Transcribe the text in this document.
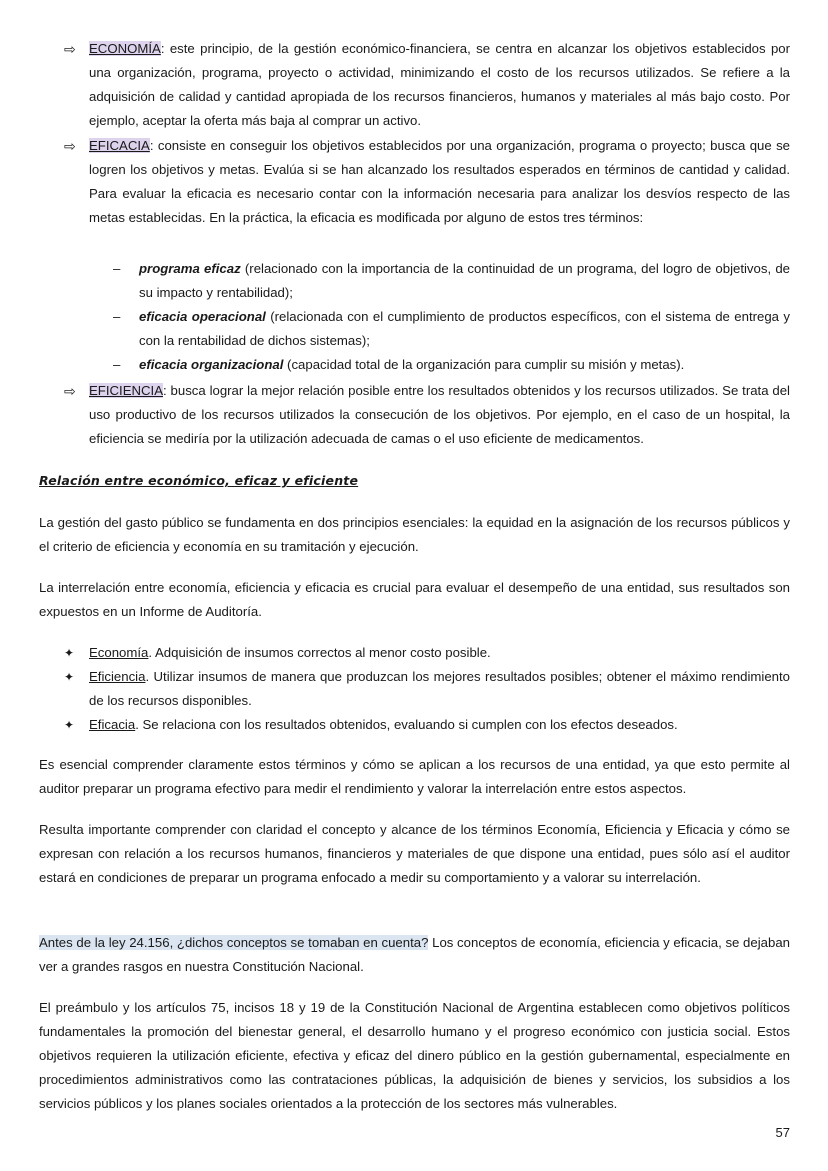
⇨	ECONOMÍA: este principio, de la gestión económico-financiera, se centra en alcanzar los objetivos establecidos por una organización, programa, proyecto o actividad, minimizando el costo de los recursos utilizados. Se refiere a la adquisición de calidad y cantidad apropiada de los recursos financieros, humanos y materiales al más bajo costo. Por ejemplo, aceptar la oferta más baja al comprar un activo.

⇨	EFICACIA: consiste en conseguir los objetivos establecidos por una organización, programa o proyecto; busca que se logren los objetivos y metas. Evalúa si se han alcanzado los resultados esperados en términos de cantidad y calidad. Para evaluar la eficacia es necesario contar con la información necesaria para analizar los desvíos respecto de las metas establecidas. En la práctica, la eficacia es modificada por alguno de estos tres términos:

– programa eficaz (relacionado con la importancia de la continuidad de un programa, del logro de objetivos, de su impacto y rentabilidad);

– eficacia operacional (relacionada con el cumplimiento de productos específicos, con el sistema de entrega y con la rentabilidad de dichos sistemas);

– eficacia organizacional (capacidad total de la organización para cumplir su misión y metas).

⇨	EFICIENCIA: busca lograr la mejor relación posible entre los resultados obtenidos y los recursos utilizados. Se trata del uso productivo de los recursos utilizados la consecución de los objetivos. Por ejemplo, en el caso de un hospital, la eficiencia se mediría por la utilización adecuada de camas o el uso eficiente de medicamentos.

Relación entre económico, eficaz y eficiente

La gestión del gasto público se fundamenta en dos principios esenciales: la equidad en la asignación de los recursos públicos y el criterio de eficiencia y economía en su tramitación y ejecución.

La interrelación entre economía, eficiencia y eficacia es crucial para evaluar el desempeño de una entidad, sus resultados son expuestos en un Informe de Auditoría.

✦ Economía. Adquisición de insumos correctos al menor costo posible.

✦ Eficiencia. Utilizar insumos de manera que produzcan los mejores resultados posibles; obtener el máximo rendimiento de los recursos disponibles.

✦ Eficacia. Se relaciona con los resultados obtenidos, evaluando si cumplen con los efectos deseados.

Es esencial comprender claramente estos términos y cómo se aplican a los recursos de una entidad, ya que esto permite al auditor preparar un programa efectivo para medir el rendimiento y valorar la interrelación entre estos aspectos.

Resulta importante comprender con claridad el concepto y alcance de los términos Economía, Eficiencia y Eficacia y cómo se expresan con relación a los recursos humanos, financieros y materiales de que dispone una entidad, pues sólo así el auditor estará en condiciones de preparar un programa enfocado a medir su comportamiento y a valorar su interrelación.

Antes de la ley 24.156, ¿dichos conceptos se tomaban en cuenta? Los conceptos de economía, eficiencia y eficacia, se dejaban ver a grandes rasgos en nuestra Constitución Nacional.

El preámbulo y los artículos 75, incisos 18 y 19 de la Constitución Nacional de Argentina establecen como objetivos políticos fundamentales la promoción del bienestar general, el desarrollo humano y el progreso económico con justicia social. Estos objetivos requieren la utilización eficiente, efectiva y eficaz del dinero público en la gestión gubernamental, especialmente en procedimientos administrativos como las contrataciones públicas, la adquisición de bienes y servicios, los subsidios a los servicios públicos y los planes sociales orientados a la protección de los sectores más vulnerables.

57
